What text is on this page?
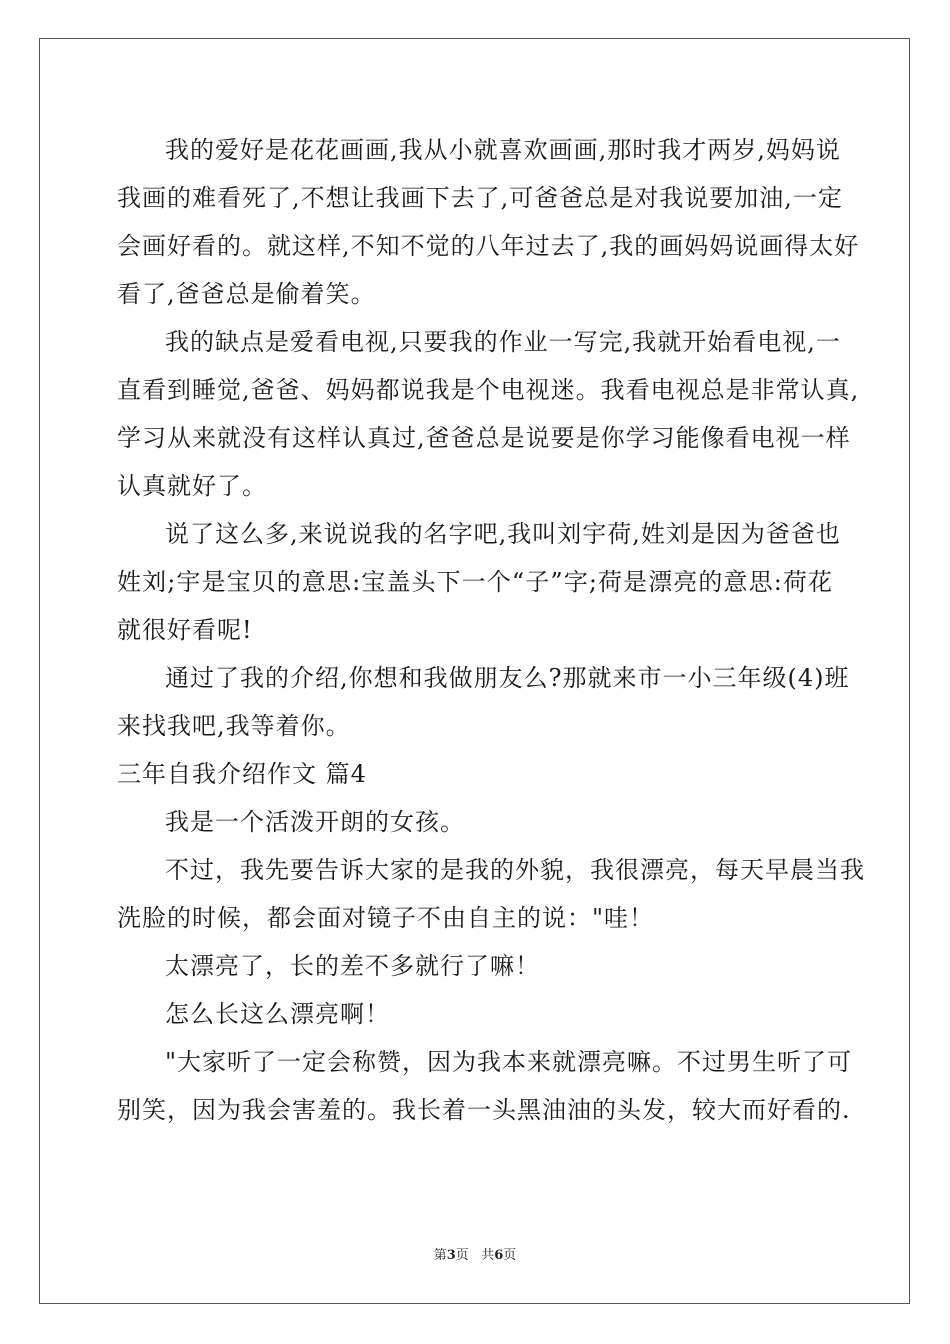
我的爱好是花花画画,我从小就喜欢画画,那时我才两岁,妈妈说
我画的难看死了,不想让我画下去了,可爸爸总是对我说要加油,一定
会画好看的。就这样,不知不觉的八年过去了,我的画妈妈说画得太好
看了,爸爸总是偷着笑。
我的缺点是爱看电视,只要我的作业一写完,我就开始看电视,一
直看到睡觉,爸爸、妈妈都说我是个电视迷。我看电视总是非常认真,
学习从来就没有这样认真过,爸爸总是说要是你学习能像看电视一样
认真就好了。
说了这么多,来说说我的名字吧,我叫刘宇荷,姓刘是因为爸爸也
姓刘;宇是宝贝的意思:宝盖头下一个“子”字;荷是漂亮的意思:荷花
就很好看呢!
通过了我的介绍,你想和我做朋友么?那就来市一小三年级(4)班
来找我吧,我等着你。
三年自我介绍作文 篇4
我是一个活泼开朗的女孩。
不过，我先要告诉大家的是我的外貌，我很漂亮，每天早晨当我
洗脸的时候，都会面对镜子不由自主的说："哇！
太漂亮了，长的差不多就行了嘛！
怎么长这么漂亮啊！
"大家听了一定会称赞，因为我本来就漂亮嘛。不过男生听了可
别笑，因为我会害羞的。我长着一头黑油油的头发，较大而好看的.
第3页 共6页
